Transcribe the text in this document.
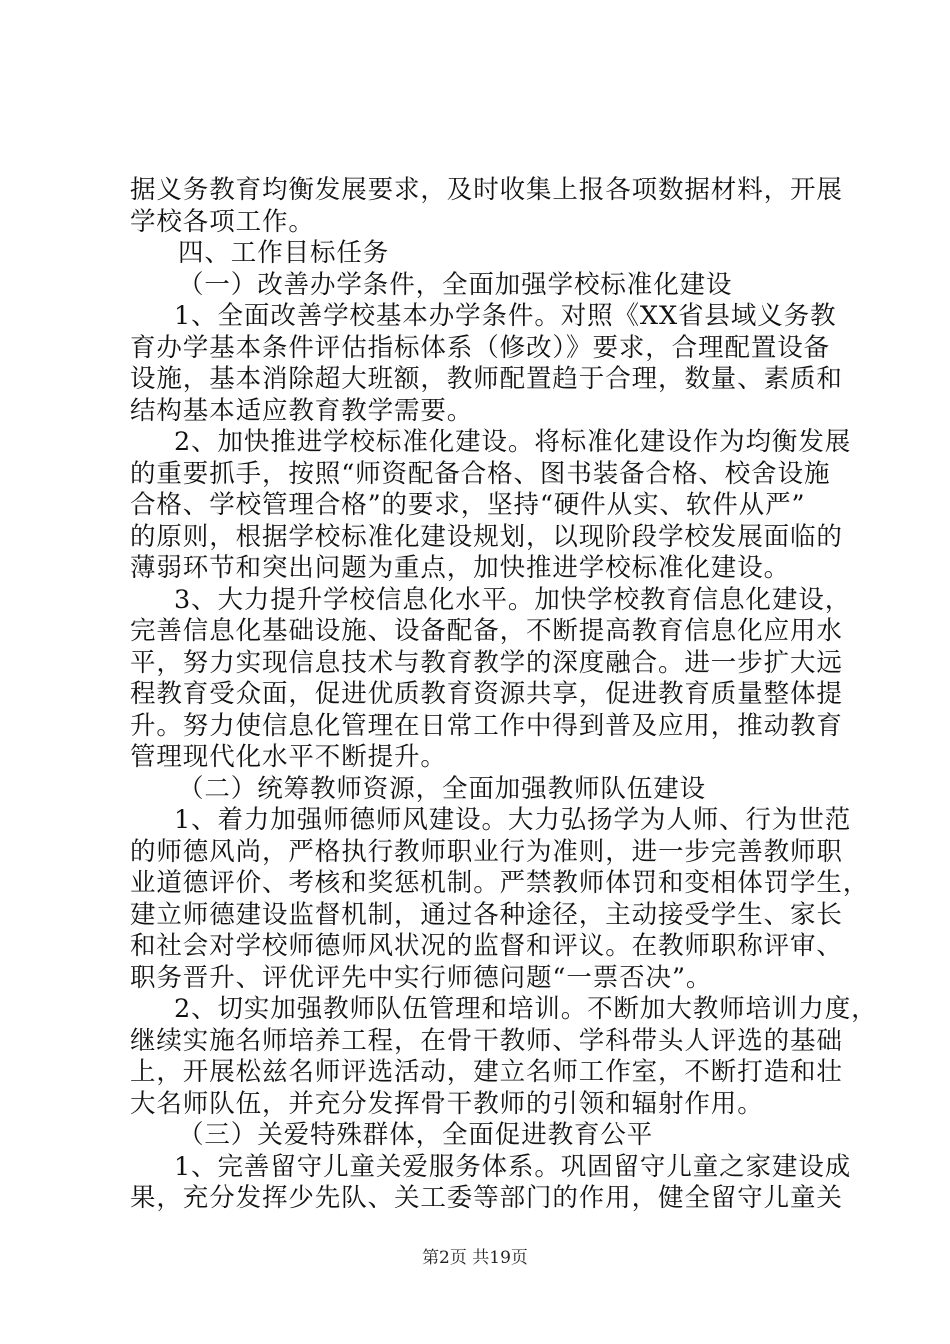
据义务教育均衡发展要求，及时收集上报各项数据材料，开展
学校各项工作。
四、工作目标任务
（一）改善办学条件，全面加强学校标准化建设
1、全面改善学校基本办学条件。对照《XX省县域义务教
育办学基本条件评估指标体系（修改）》要求，合理配置设备
设施，基本消除超大班额，教师配置趋于合理，数量、素质和
结构基本适应教育教学需要。
2、加快推进学校标准化建设。将标准化建设作为均衡发展
的重要抓手，按照“师资配备合格、图书装备合格、校舍设施
合格、学校管理合格”的要求，坚持“硬件从实、软件从严”
的原则，根据学校标准化建设规划，以现阶段学校发展面临的
薄弱环节和突出问题为重点，加快推进学校标准化建设。
3、大力提升学校信息化水平。加快学校教育信息化建设，
完善信息化基础设施、设备配备，不断提高教育信息化应用水
平，努力实现信息技术与教育教学的深度融合。进一步扩大远
程教育受众面，促进优质教育资源共享，促进教育质量整体提
升。努力使信息化管理在日常工作中得到普及应用，推动教育
管理现代化水平不断提升。
（二）统筹教师资源，全面加强教师队伍建设
1、着力加强师德师风建设。大力弘扬学为人师、行为世范
的师德风尚，严格执行教师职业行为准则，进一步完善教师职
业道德评价、考核和奖惩机制。严禁教师体罚和变相体罚学生，
建立师德建设监督机制，通过各种途径，主动接受学生、家长
和社会对学校师德师风状况的监督和评议。在教师职称评审、
职务晋升、评优评先中实行师德问题“一票否决”。
2、切实加强教师队伍管理和培训。不断加大教师培训力度，
继续实施名师培养工程，在骨干教师、学科带头人评选的基础
上，开展松兹名师评选活动，建立名师工作室，不断打造和壮
大名师队伍，并充分发挥骨干教师的引领和辐射作用。
（三）关爱特殊群体，全面促进教育公平
1、完善留守儿童关爱服务体系。巩固留守儿童之家建设成
果，充分发挥少先队、关工委等部门的作用，健全留守儿童关
第2页 共19页
